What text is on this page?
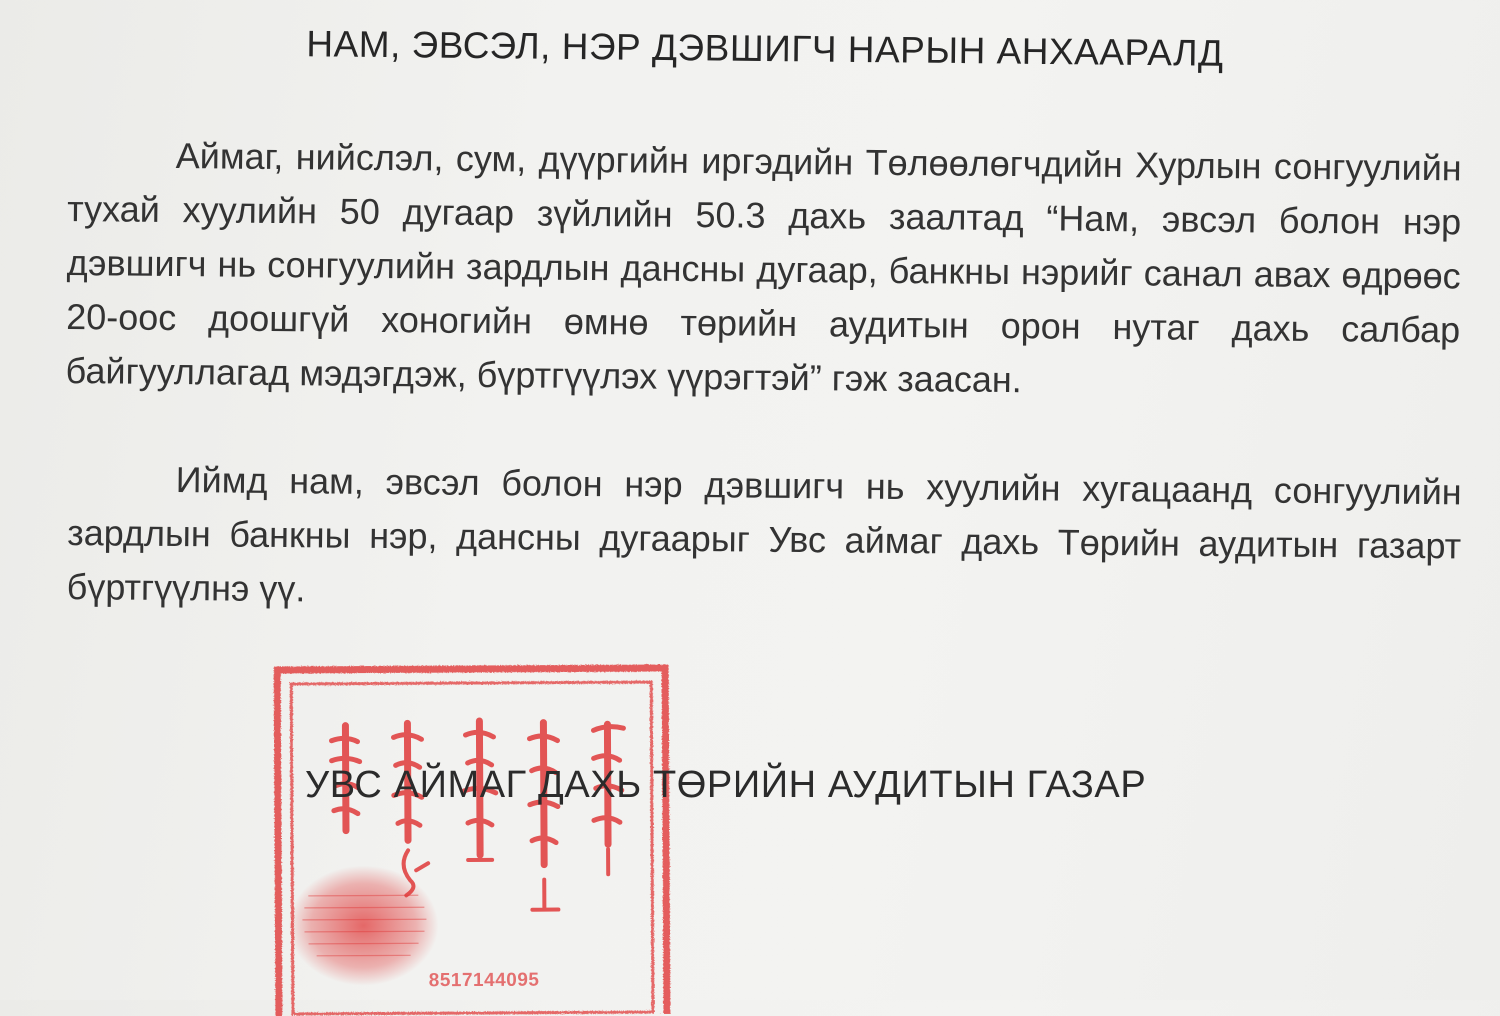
НАМ, ЭВСЭЛ, НЭР ДЭВШИГЧ НАРЫН АНХААРАЛД

Аймаг, нийслэл, сум, дүүргийн иргэдийн Төлөөлөгчдийн Хурлын сонгуулийн тухай хуулийн 50 дугаар зүйлийн 50.3 дахь заалтад “Нам, эвсэл болон нэр дэвшигч нь сонгуулийн зардлын дансны дугаар, банкны нэрийг санал авах өдрөөс 20-оос доошгүй хоногийн өмнө төрийн аудитын орон нутаг дахь салбар байгууллагад мэдэгдэж, бүртгүүлэх үүрэгтэй” гэж заасан.

Иймд нам, эвсэл болон нэр дэвшигч нь хуулийн хугацаанд сонгуулийн зардлын банкны нэр, дансны дугаарыг Увс аймаг дахь Төрийн аудитын газарт бүртгүүлнэ үү.

8517144095
УВС АЙМАГ ДАХЬ ТӨРИЙН АУДИТЫН ГАЗАР
